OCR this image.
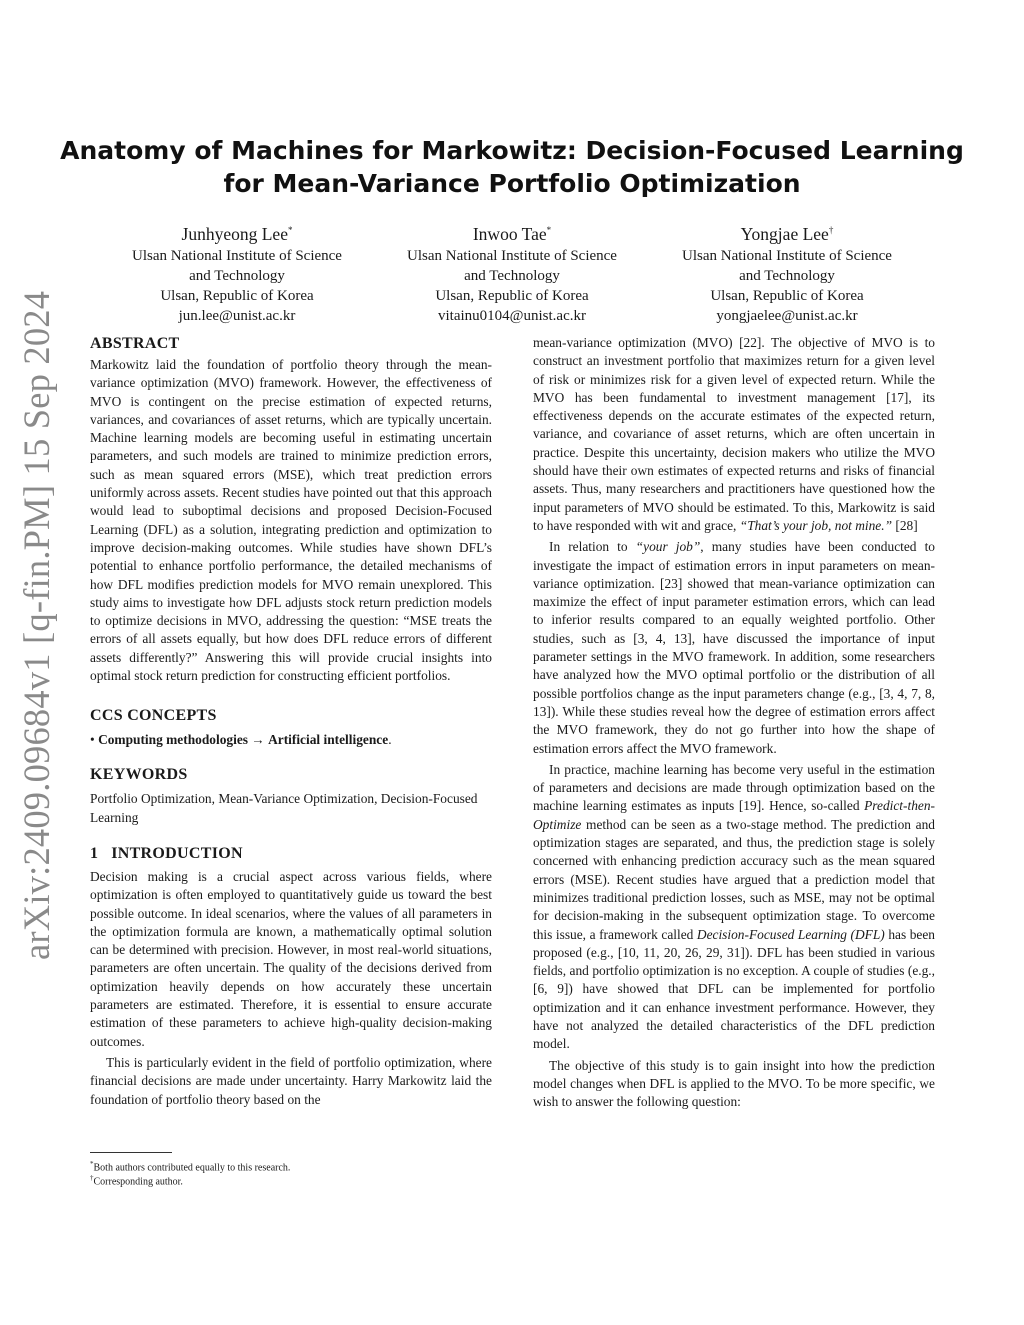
arXiv:2409.09684v1 [q-fin.PM] 15 Sep 2024
Anatomy of Machines for Markowitz: Decision-Focused Learning
for Mean-Variance Portfolio Optimization
Junhyeong Lee*
Ulsan National Institute of Science
and Technology
Ulsan, Republic of Korea
jun.lee@unist.ac.kr
Inwoo Tae*
Ulsan National Institute of Science
and Technology
Ulsan, Republic of Korea
vitainu0104@unist.ac.kr
Yongjae Lee†
Ulsan National Institute of Science
and Technology
Ulsan, Republic of Korea
yongjaelee@unist.ac.kr
ABSTRACT

Markowitz laid the foundation of portfolio theory through the mean-variance optimization (MVO) framework. However, the effectiveness of MVO is contingent on the precise estimation of expected returns, variances, and covariances of asset returns, which are typically uncertain. Machine learning models are becoming useful in estimating uncertain parameters, and such models are trained to minimize prediction errors, such as mean squared errors (MSE), which treat prediction errors uniformly across assets. Recent studies have pointed out that this approach would lead to suboptimal decisions and proposed Decision-Focused Learning (DFL) as a solution, integrating prediction and optimization to improve decision-making outcomes. While studies have shown DFL’s potential to enhance portfolio performance, the detailed mechanisms of how DFL modifies prediction models for MVO remain unexplored. This study aims to investigate how DFL adjusts stock return prediction models to optimize decisions in MVO, addressing the question: “MSE treats the errors of all assets equally, but how does DFL reduce errors of different assets differently?” Answering this will provide crucial insights into optimal stock return prediction for constructing efficient portfolios.

CCS CONCEPTS

• Computing methodologies → Artificial intelligence.

KEYWORDS

Portfolio Optimization, Mean-Variance Optimization, Decision-Focused Learning

1   INTRODUCTION

Decision making is a crucial aspect across various fields, where optimization is often employed to quantitatively guide us toward the best possible outcome. In ideal scenarios, where the values of all parameters in the optimization formula are known, a mathematically optimal solution can be determined with precision. However, in most real-world situations, parameters are often uncertain. The quality of the decisions derived from optimization heavily depends on how accurately these uncertain parameters are estimated. Therefore, it is essential to ensure accurate estimation of these parameters to achieve high-quality decision-making outcomes.

This is particularly evident in the field of portfolio optimization, where financial decisions are made under uncertainty. Harry Markowitz laid the foundation of portfolio theory based on the

mean-variance optimization (MVO) [22]. The objective of MVO is to construct an investment portfolio that maximizes return for a given level of risk or minimizes risk for a given level of expected return. While the MVO has been fundamental to investment management [17], its effectiveness depends on the accurate estimates of the expected return, variance, and covariance of asset returns, which are often uncertain in practice. Despite this uncertainty, decision makers who utilize the MVO should have their own estimates of expected returns and risks of financial assets. Thus, many researchers and practitioners have questioned how the input parameters of MVO should be estimated. To this, Markowitz is said to have responded with wit and grace, “That’s your job, not mine.” [28]

In relation to “your job”, many studies have been conducted to investigate the impact of estimation errors in input parameters on mean-variance optimization. [23] showed that mean-variance optimization can maximize the effect of input parameter estimation errors, which can lead to inferior results compared to an equally weighted portfolio. Other studies, such as [3, 4, 13], have discussed the importance of input parameter settings in the MVO framework. In addition, some researchers have analyzed how the MVO optimal portfolio or the distribution of all possible portfolios change as the input parameters change (e.g., [3, 4, 7, 8, 13]). While these studies reveal how the degree of estimation errors affect the MVO framework, they do not go further into how the shape of estimation errors affect the MVO framework.

In practice, machine learning has become very useful in the estimation of parameters and decisions are made through optimization based on the machine learning estimates as inputs [19]. Hence, so-called Predict-then-Optimize method can be seen as a two-stage method. The prediction and optimization stages are separated, and thus, the prediction stage is solely concerned with enhancing prediction accuracy such as the mean squared errors (MSE). Recent studies have argued that a prediction model that minimizes traditional prediction losses, such as MSE, may not be optimal for decision-making in the subsequent optimization stage. To overcome this issue, a framework called Decision-Focused Learning (DFL) has been proposed (e.g., [10, 11, 20, 26, 29, 31]). DFL has been studied in various fields, and portfolio optimization is no exception. A couple of studies (e.g., [6, 9]) have showed that DFL can be implemented for portfolio optimization and it can enhance investment performance. However, they have not analyzed the detailed characteristics of the DFL prediction model.

The objective of this study is to gain insight into how the prediction model changes when DFL is applied to the MVO. To be more specific, we wish to answer the following question:

*Both authors contributed equally to this research.
†Corresponding author.
